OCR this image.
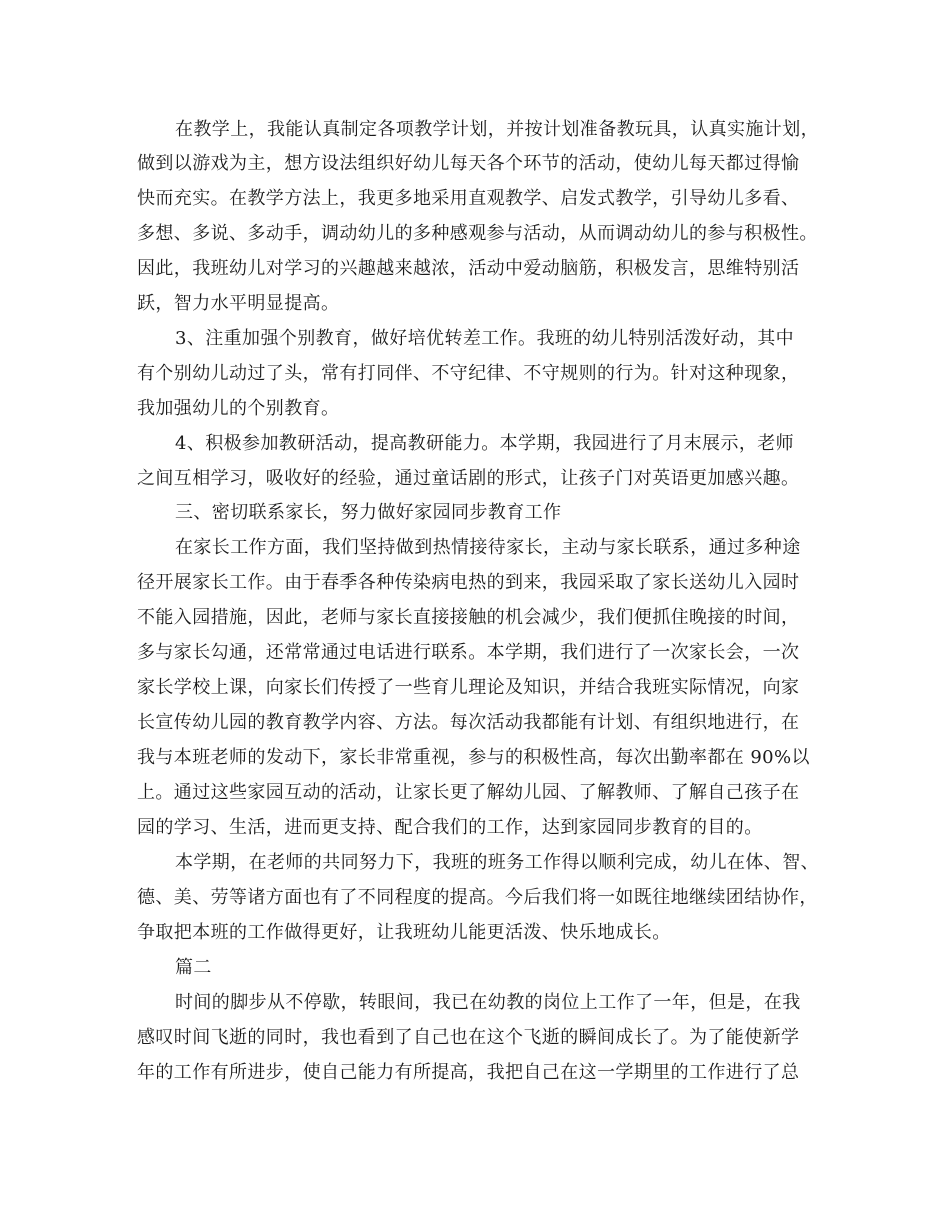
在教学上，我能认真制定各项教学计划，并按计划准备教玩具，认真实施计划，
做到以游戏为主，想方设法组织好幼儿每天各个环节的活动，使幼儿每天都过得愉
快而充实。在教学方法上，我更多地采用直观教学、启发式教学，引导幼儿多看、
多想、多说、多动手，调动幼儿的多种感观参与活动，从而调动幼儿的参与积极性。
因此，我班幼儿对学习的兴趣越来越浓，活动中爱动脑筋，积极发言，思维特别活
跃，智力水平明显提高。
3、注重加强个别教育，做好培优转差工作。我班的幼儿特别活泼好动，其中
有个别幼儿动过了头，常有打同伴、不守纪律、不守规则的行为。针对这种现象，
我加强幼儿的个别教育。
4、积极参加教研活动，提高教研能力。本学期，我园进行了月末展示，老师
之间互相学习，吸收好的经验，通过童话剧的形式，让孩子门对英语更加感兴趣。
三、密切联系家长，努力做好家园同步教育工作
在家长工作方面，我们坚持做到热情接待家长，主动与家长联系，通过多种途
径开展家长工作。由于春季各种传染病电热的到来，我园采取了家长送幼儿入园时
不能入园措施，因此，老师与家长直接接触的机会减少，我们便抓住晚接的时间，
多与家长勾通，还常常通过电话进行联系。本学期，我们进行了一次家长会，一次
家长学校上课，向家长们传授了一些育儿理论及知识，并结合我班实际情况，向家
长宣传幼儿园的教育教学内容、方法。每次活动我都能有计划、有组织地进行，在
我与本班老师的发动下，家长非常重视，参与的积极性高，每次出勤率都在 90%以
上。通过这些家园互动的活动，让家长更了解幼儿园、了解教师、了解自己孩子在
园的学习、生活，进而更支持、配合我们的工作，达到家园同步教育的目的。
本学期，在老师的共同努力下，我班的班务工作得以顺利完成，幼儿在体、智、
德、美、劳等诸方面也有了不同程度的提高。今后我们将一如既往地继续团结协作，
争取把本班的工作做得更好，让我班幼儿能更活泼、快乐地成长。
篇二
时间的脚步从不停歇，转眼间，我已在幼教的岗位上工作了一年，但是，在我
感叹时间飞逝的同时，我也看到了自己也在这个飞逝的瞬间成长了。为了能使新学
年的工作有所进步，使自己能力有所提高，我把自己在这一学期里的工作进行了总
